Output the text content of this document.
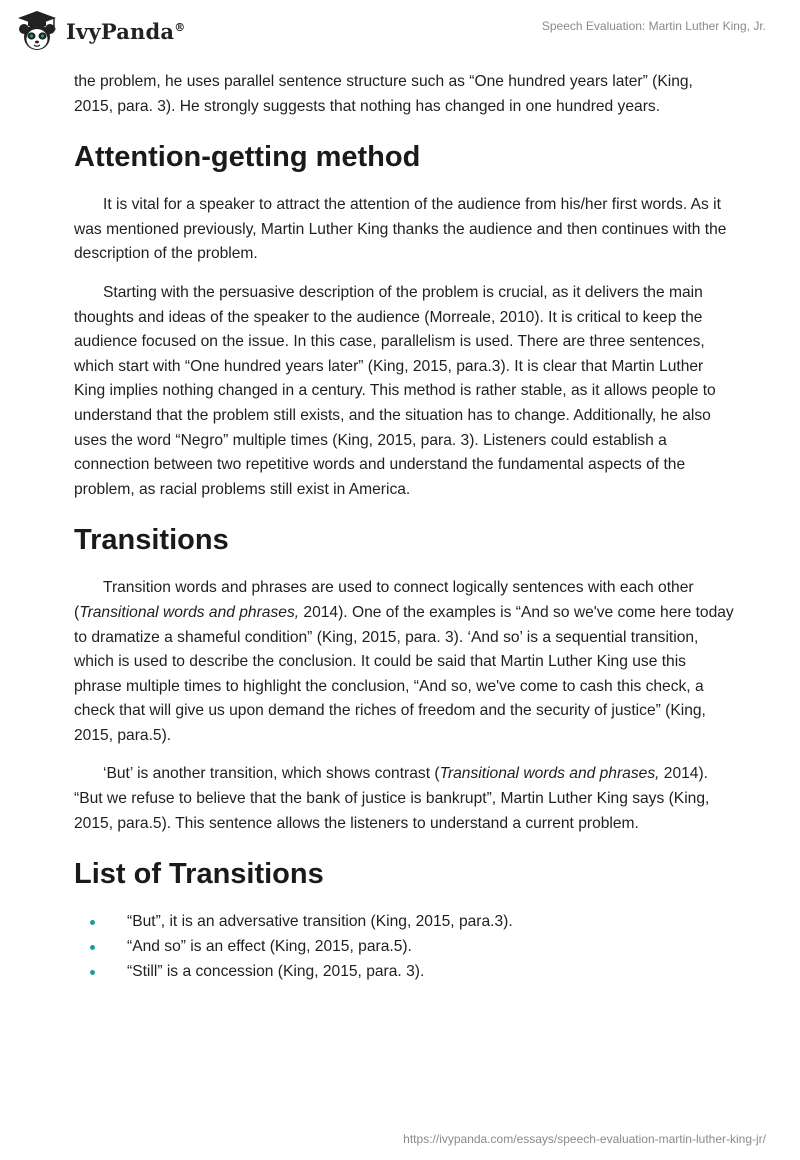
IvyPanda®	Speech Evaluation: Martin Luther King, Jr.

the problem, he uses parallel sentence structure such as “One hundred years later” (King, 2015, para. 3). He strongly suggests that nothing has changed in one hundred years.

Attention-getting method

It is vital for a speaker to attract the attention of the audience from his/her first words. As it was mentioned previously, Martin Luther King thanks the audience and then continues with the description of the problem.

Starting with the persuasive description of the problem is crucial, as it delivers the main thoughts and ideas of the speaker to the audience (Morreale, 2010). It is critical to keep the audience focused on the issue. In this case, parallelism is used. There are three sentences, which start with “One hundred years later” (King, 2015, para.3). It is clear that Martin Luther King implies nothing changed in a century. This method is rather stable, as it allows people to understand that the problem still exists, and the situation has to change. Additionally, he also uses the word “Negro” multiple times (King, 2015, para. 3). Listeners could establish a connection between two repetitive words and understand the fundamental aspects of the problem, as racial problems still exist in America.

Transitions

Transition words and phrases are used to connect logically sentences with each other (Transitional words and phrases, 2014). One of the examples is “And so we've come here today to dramatize a shameful condition” (King, 2015, para. 3). ‘And so’ is a sequential transition, which is used to describe the conclusion. It could be said that Martin Luther King use this phrase multiple times to highlight the conclusion, “And so, we've come to cash this check, a check that will give us upon demand the riches of freedom and the security of justice” (King, 2015, para.5).

‘But’ is another transition, which shows contrast (Transitional words and phrases, 2014). “But we refuse to believe that the bank of justice is bankrupt”, Martin Luther King says (King, 2015, para.5). This sentence allows the listeners to understand a current problem.

List of Transitions
“But”, it is an adversative transition (King, 2015, para.3).
“And so” is an effect (King, 2015, para.5).
“Still” is a concession (King, 2015, para. 3).
https://ivypanda.com/essays/speech-evaluation-martin-luther-king-jr/
